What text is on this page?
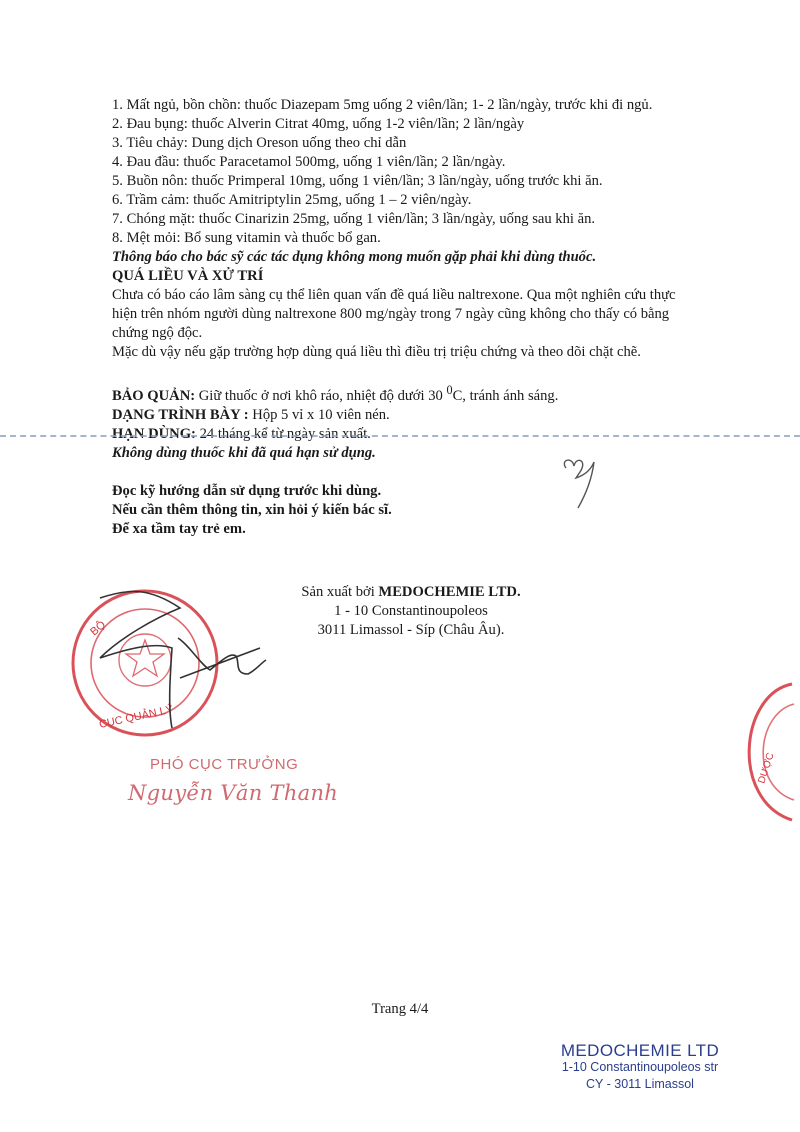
1. Mất ngủ, bồn chồn: thuốc Diazepam 5mg uống 2 viên/lần; 1- 2 lần/ngày, trước khi đi ngủ.

2. Đau bụng: thuốc Alverin Citrat 40mg, uống 1-2 viên/lần; 2 lần/ngày

3. Tiêu chảy: Dung dịch Oreson uống theo chỉ dẫn

4. Đau đầu: thuốc Paracetamol 500mg, uống 1 viên/lần; 2 lần/ngày.

5. Buồn nôn: thuốc Primperal 10mg, uống 1 viên/lần; 3 lần/ngày, uống trước khi ăn.

6. Trầm cảm: thuốc Amitriptylin 25mg, uống 1 – 2 viên/ngày.

7. Chóng mặt: thuốc Cinarizin 25mg, uống 1 viên/lần; 3 lần/ngày, uống sau khi ăn.

8. Mệt mỏi: Bổ sung vitamin và thuốc bổ gan.

Thông báo cho bác sỹ các tác dụng không mong muốn gặp phải khi dùng thuốc.

QUÁ LIỀU VÀ XỬ TRÍ

Chưa có báo cáo lâm sàng cụ thể liên quan vấn đề quá liều naltrexone. Qua một nghiên cứu thực hiện trên nhóm người dùng naltrexone 800 mg/ngày trong 7 ngày cũng không cho thấy có bằng chứng ngộ độc.

Mặc dù vậy nếu gặp trường hợp dùng quá liều thì điều trị triệu chứng và theo dõi chặt chẽ.

BẢO QUẢN: Giữ thuốc ở nơi khô ráo, nhiệt độ dưới 30 $^0$C, tránh ánh sáng.

DẠNG TRÌNH BÀY : Hộp 5 vỉ x 10 viên nén.

HẠN DÙNG: 24 tháng kể từ ngày sản xuất.

Không dùng thuốc khi đã quá hạn sử dụng.

Đọc kỹ hướng dẫn sử dụng trước khi dùng.

Nếu cần thêm thông tin, xin hỏi ý kiến bác sĩ.

Để xa tầm tay trẻ em.

Sản xuất bởi MEDOCHEMIE LTD.

1 - 10 Constantinoupoleos

3011 Limassol - Síp (Châu Âu).

BỘ
CỤC QUẢN LÝ
DƯỢC
PHÓ CỤC TRƯỞNG
Nguyễn Văn Thanh
Trang 4/4
MEDOCHEMIE LTD
1-10 Constantinoupoleos str
CY - 3011 Limassol
